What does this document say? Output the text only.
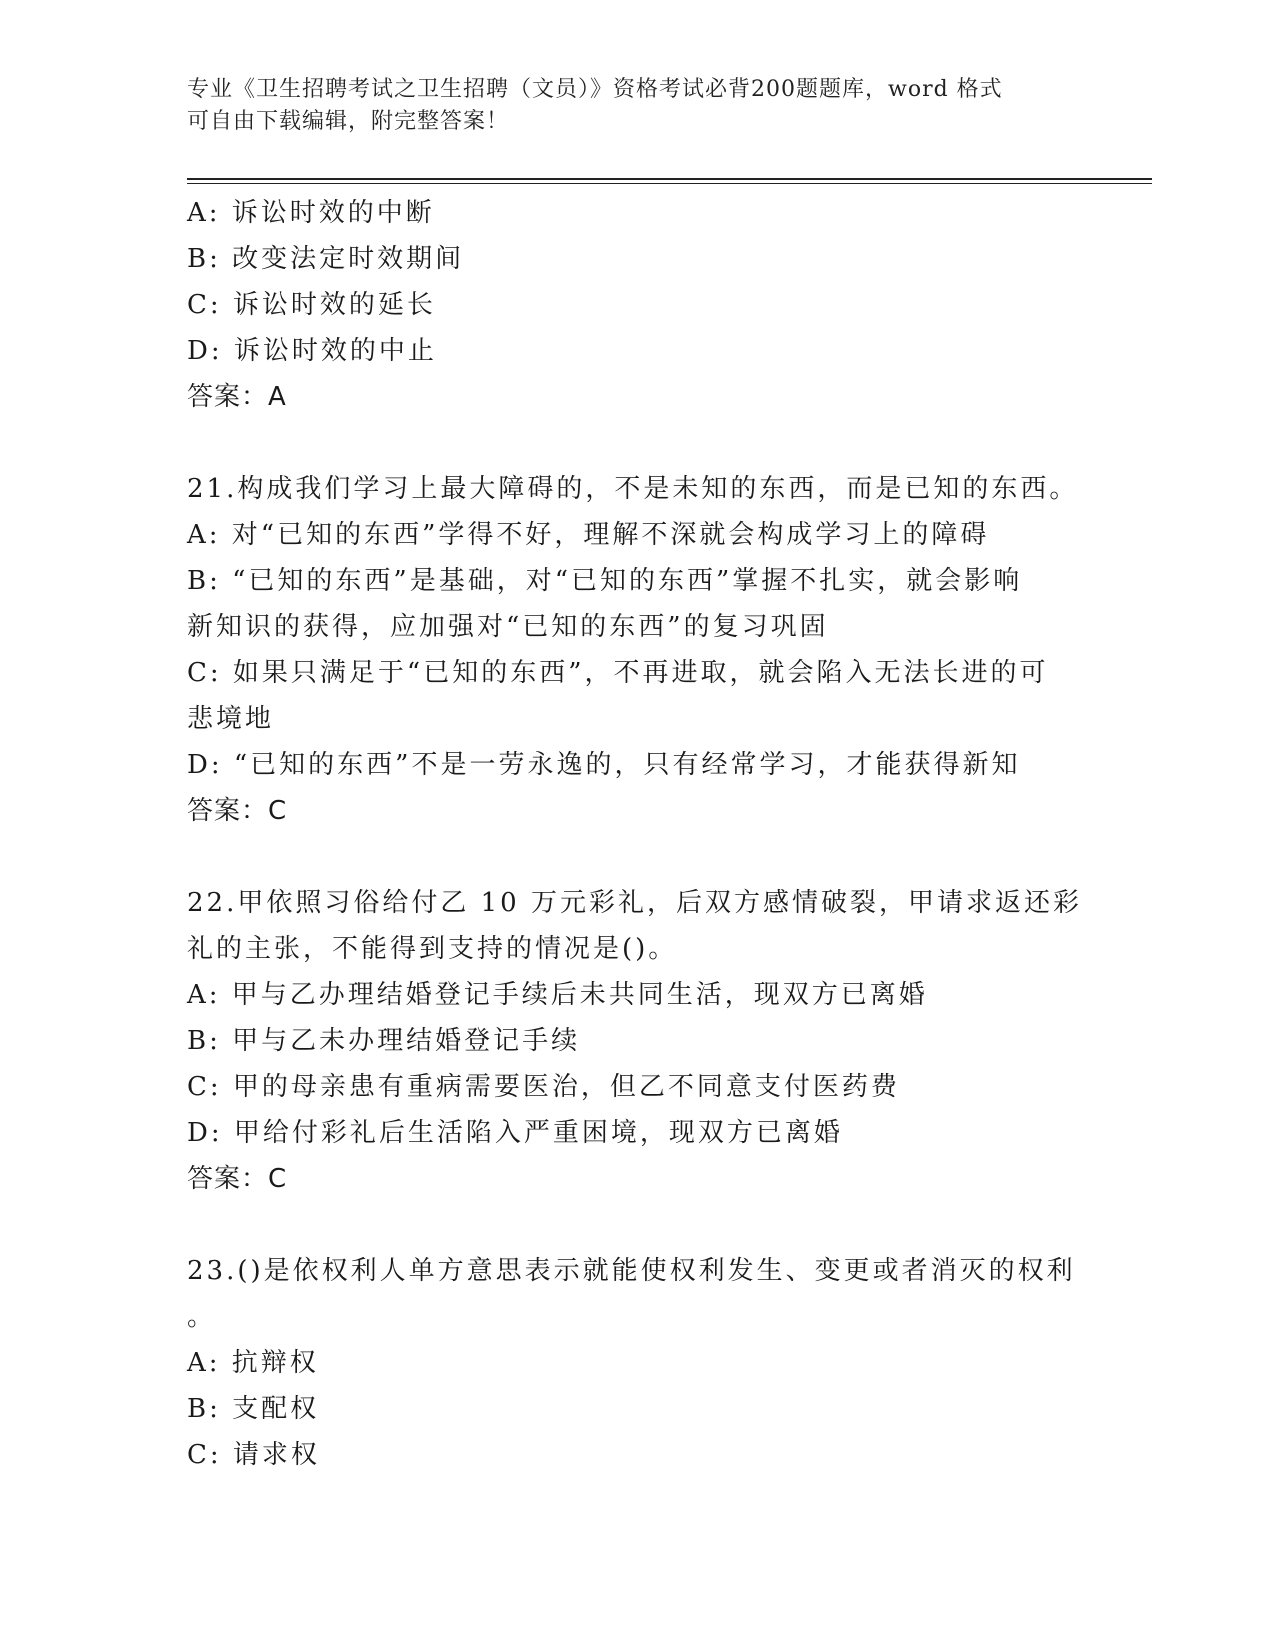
专业《卫生招聘考试之卫生招聘（文员）》资格考试必背200题题库，word 格式
可自由下载编辑，附完整答案！
A: 诉讼时效的中断
B: 改变法定时效期间
C: 诉讼时效的延长
D: 诉讼时效的中止
答案：A
21.构成我们学习上最大障碍的，不是未知的东西，而是已知的东西。
A: 对“已知的东西”学得不好，理解不深就会构成学习上的障碍
B: “已知的东西”是基础，对“已知的东西”掌握不扎实，就会影响
新知识的获得，应加强对“已知的东西”的复习巩固
C: 如果只满足于“已知的东西”，不再进取，就会陷入无法长进的可
悲境地
D: “已知的东西”不是一劳永逸的，只有经常学习，才能获得新知
答案：C
22.甲依照习俗给付乙 10 万元彩礼，后双方感情破裂，甲请求返还彩
礼的主张，不能得到支持的情况是()。
A: 甲与乙办理结婚登记手续后未共同生活，现双方已离婚
B: 甲与乙未办理结婚登记手续
C: 甲的母亲患有重病需要医治，但乙不同意支付医药费
D: 甲给付彩礼后生活陷入严重困境，现双方已离婚
答案：C
23.()是依权利人单方意思表示就能使权利发生、变更或者消灭的权利
。
A: 抗辩权
B: 支配权
C: 请求权
